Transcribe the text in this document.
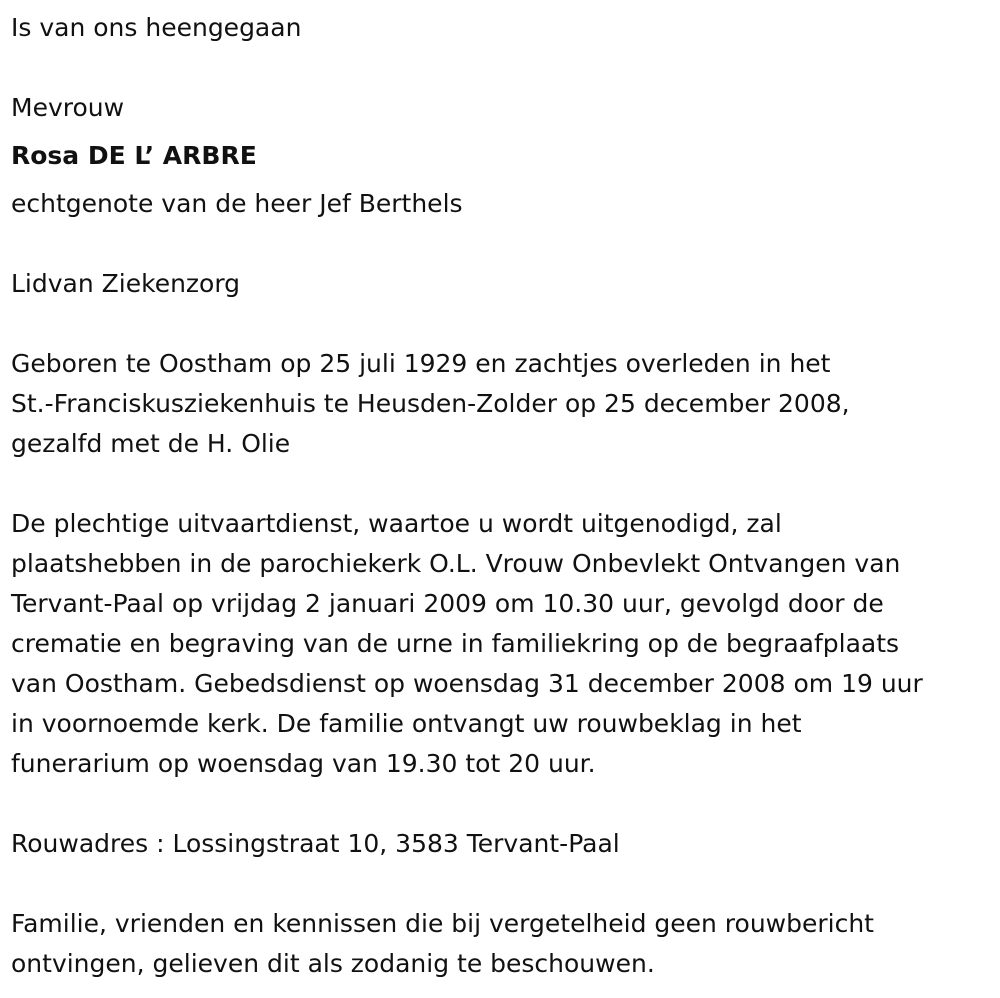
Is van ons heengegaan

Mevrouw

Rosa DE L’ ARBRE

echtgenote van de heer Jef Berthels

Lidvan Ziekenzorg

Geboren te Oostham op 25 juli 1929 en zachtjes overleden in het
St.-Franciskusziekenhuis te Heusden-Zolder op 25 december 2008,
gezalfd met de H. Olie
De plechtige uitvaartdienst, waartoe u wordt uitgenodigd, zal
plaatshebben in de parochiekerk O.L. Vrouw Onbevlekt Ontvangen van
Tervant-Paal op vrijdag 2 januari 2009 om 10.30 uur, gevolgd door de
crematie en begraving van de urne in familiekring op de begraafplaats
van Oostham. Gebedsdienst op woensdag 31 december 2008 om 19 uur
in voornoemde kerk. De familie ontvangt uw rouwbeklag in het
funerarium op woensdag van 19.30 tot 20 uur.

Rouwadres : Lossingstraat 10, 3583 Tervant-Paal

Familie, vrienden en kennissen die bij vergetelheid geen rouwbericht
ontvingen, gelieven dit als zodanig te beschouwen.
